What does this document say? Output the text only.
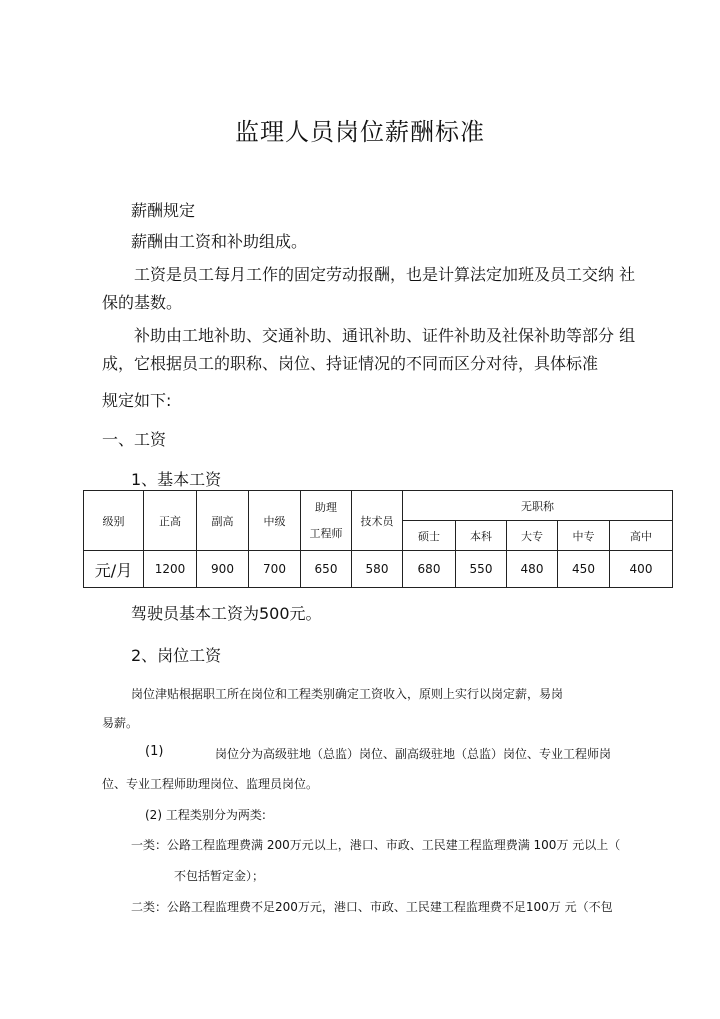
监理人员岗位薪酬标准
薪酬规定
薪酬由工资和补助组成。
工资是员工每月工作的固定劳动报酬，也是计算法定加班及员工交纳 社
保的基数。
补助由工地补助、交通补助、通讯补助、证件补助及社保补助等部分 组
成，它根据员工的职称、岗位、持证情况的不同而区分对待，具体标准
规定如下:
一、工资
1、基本工资
级别	正高	副高	中级	助理
工程师	技术员	无职称				
						硕士	本科	大专	中专	高中
元/月	1200	900	700	650	580	680	550	480	450	400
驾驶员基本工资为500元。
2、岗位工资
岗位津贴根据职工所在岗位和工程类别确定工资收入，原则上实行以岗定薪，易岗
易薪。
(1)	岗位分为高级驻地（总监）岗位、副高级驻地（总监）岗位、专业工程师岗
位、专业工程师助理岗位、监理员岗位。
(2) 工程类别分为两类:
一类：公路工程监理费满 200万元以上，港口、市政、工民建工程监理费满 100万 元以上（
不包括暂定金）；
二类：公路工程监理费不足200万元，港口、市政、工民建工程监理费不足100万 元（不包
